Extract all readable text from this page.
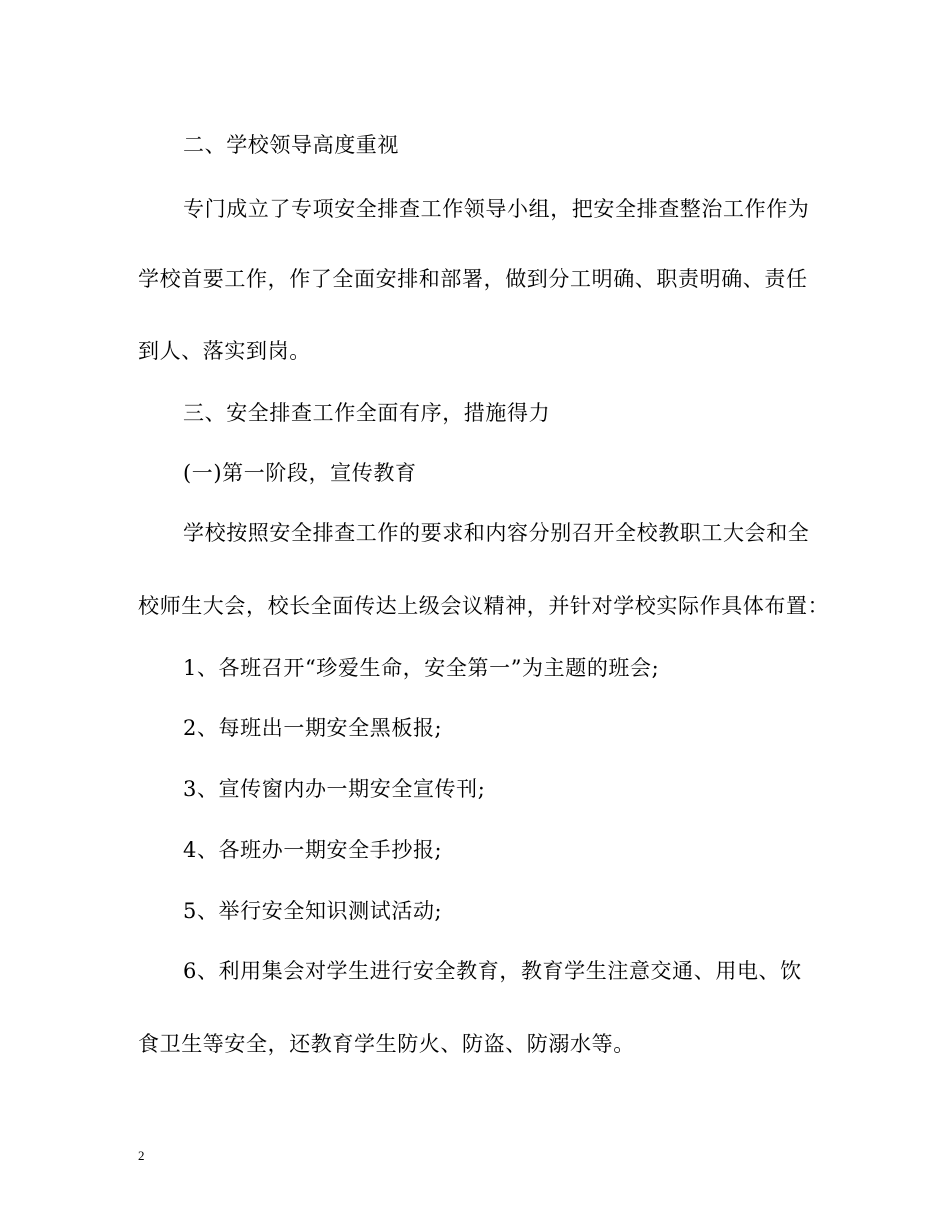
二、学校领导高度重视
专门成立了专项安全排查工作领导小组，把安全排查整治工作作为
学校首要工作，作了全面安排和部署，做到分工明确、职责明确、责任
到人、落实到岗。
三、安全排查工作全面有序，措施得力
(一)第一阶段，宣传教育
学校按照安全排查工作的要求和内容分别召开全校教职工大会和全
校师生大会，校长全面传达上级会议精神，并针对学校实际作具体布置：
1、各班召开“珍爱生命，安全第一”为主题的班会;
2、每班出一期安全黑板报;
3、宣传窗内办一期安全宣传刊;
4、各班办一期安全手抄报;
5、举行安全知识测试活动;
6、利用集会对学生进行安全教育，教育学生注意交通、用电、饮
食卫生等安全，还教育学生防火、防盗、防溺水等。
2
